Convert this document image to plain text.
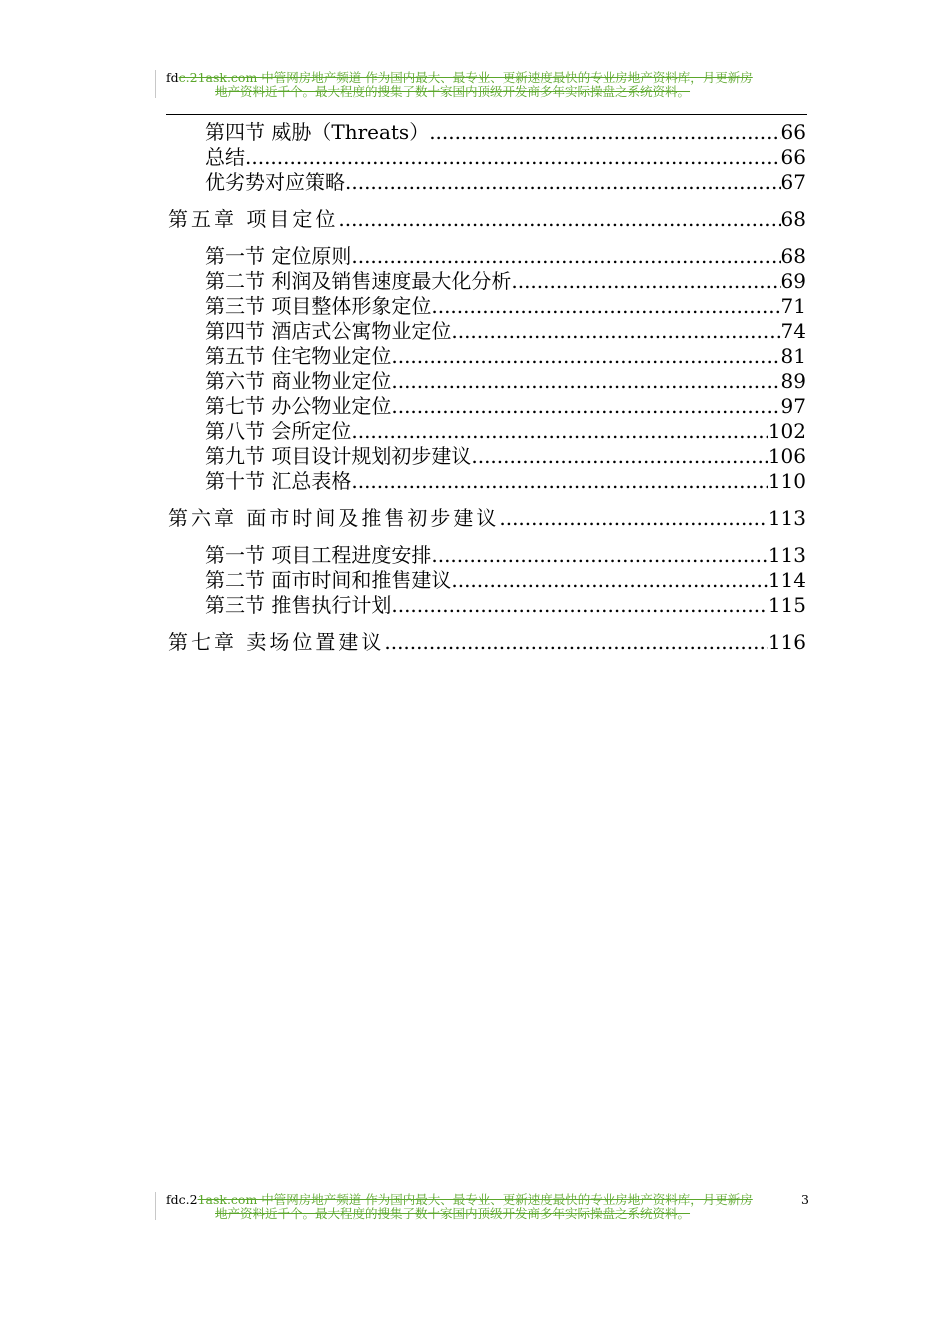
fdc.21ask.com 中管网房地产频道 作为国内最大、最专业、更新速度最快的专业房地产资料库，月更新房
地产资料近千个。最大程度的搜集了数十家国内顶级开发商多年实际操盘之系统资料。
第四节 威胁（Threats） .....	66
总结 .....	66
优劣势对应策略 .....	67
第五章 项目定位 .....	68
第一节 定位原则 .....	68
第二节 利润及销售速度最大化分析 .....	69
第三节 项目整体形象定位 .....	71
第四节 酒店式公寓物业定位 .....	74
第五节 住宅物业定位 .....	81
第六节 商业物业定位 .....	89
第七节 办公物业定位 .....	97
第八节 会所定位 .....	102
第九节 项目设计规划初步建议 .....	106
第十节 汇总表格 .....	110
第六章 面市时间及推售初步建议 .....	113
第一节 项目工程进度安排 .....	113
第二节 面市时间和推售建议 .....	114
第三节 推售执行计划 .....	115
第七章 卖场位置建议 .....	116
fdc.21ask.com 中管网房地产频道 作为国内最大、最专业、更新速度最快的专业房地产资料库，月更新房
地产资料近千个。最大程度的搜集了数十家国内顶级开发商多年实际操盘之系统资料。
3
